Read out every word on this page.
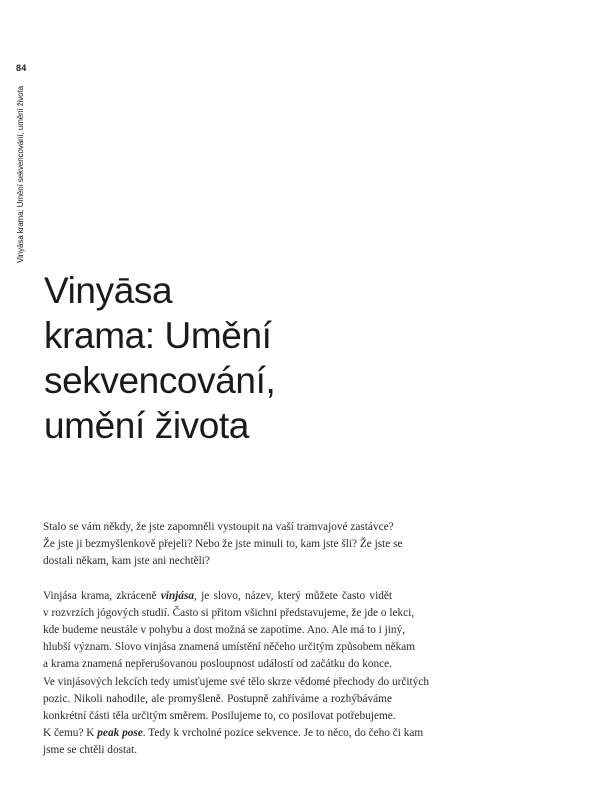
84
Vinyāsa krama: Umění sekvencování, umění života
Vinyāsa
krama: Umění
sekvencování,
umění života
Stalo se vám někdy, že jste zapomněli vystoupit na vaší tramvajové zastávce?
Že jste ji bezmyšlenkově přejeli? Nebo že jste minuli to, kam jste šli? Že jste se
dostali někam, kam jste ani nechtěli?
Vinjása krama, zkráceně vinjása, je slovo, název, který můžete často vidět
v rozvrzích jógových studií. Často si přitom všichni představujeme, že jde o lekci,
kde budeme neustále v pohybu a dost možná se zapotíme. Ano. Ale má to i jiný,
hlubší význam. Slovo vinjása znamená umístění něčeho určitým způsobem někam
a krama znamená nepřerušovanou posloupnost událostí od začátku do konce.
Ve vinjásových lekcích tedy umisťujeme své tělo skrze vědomé přechody do určitých
pozic. Nikoli nahodile, ale promyšleně. Postupně zahříváme a rozhýbáváme
konkrétní části těla určitým směrem. Posilujeme to, co posilovat potřebujeme.
K čemu? K peak pose. Tedy k vrcholné pozice sekvence. Je to něco, do čeho či kam
jsme se chtěli dostat.
